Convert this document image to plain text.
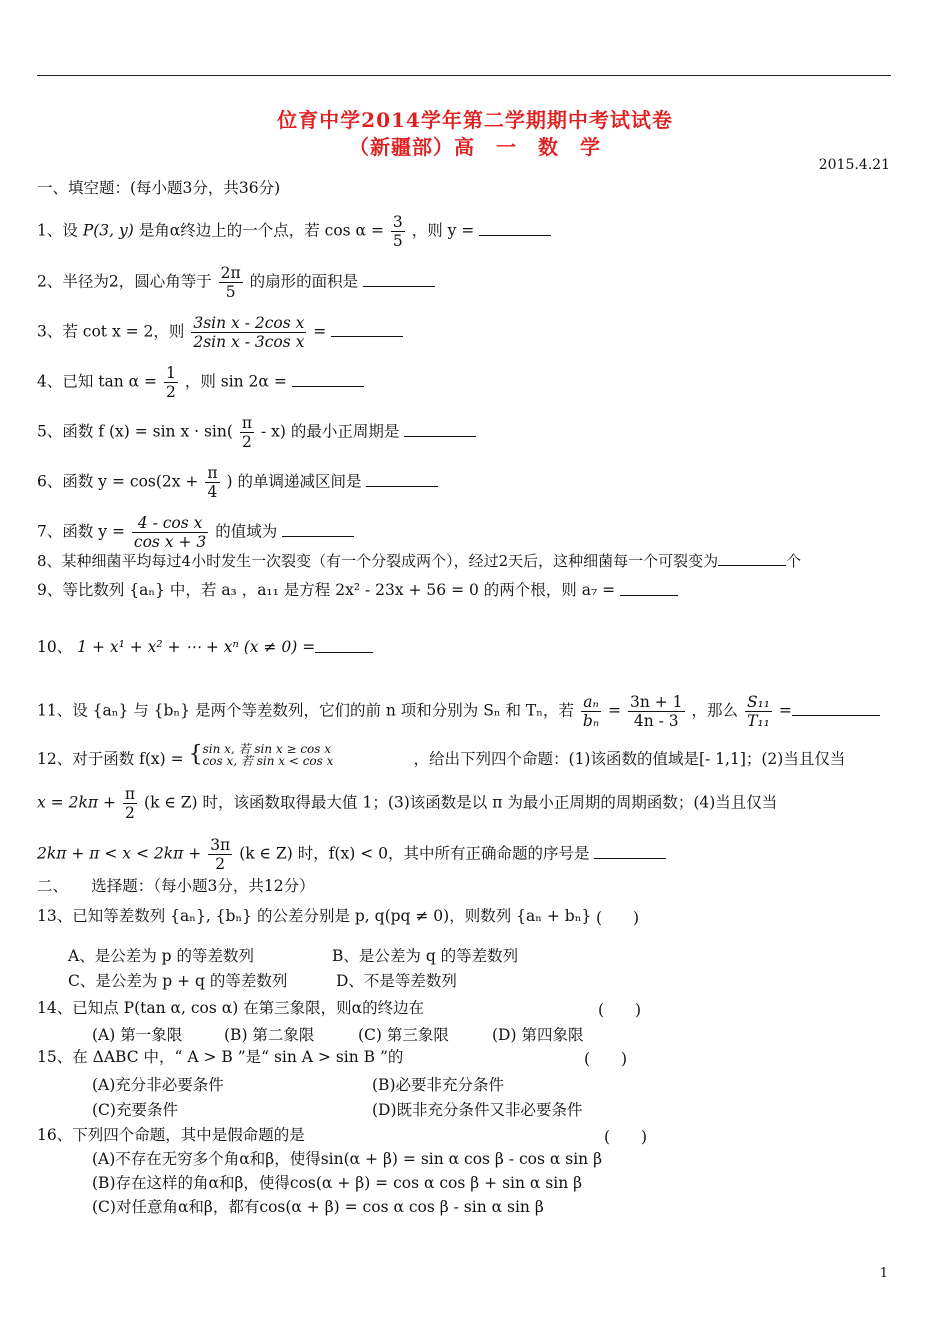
位育中学2014学年第二学期期中考试试卷
（新疆部）高　一　数　学
2015.4.21
一、填空题：(每小题3分，共36分)
1、设 P(3, y) 是角α终边上的一个点，若 $\cos \alpha = \frac{3}{5}$ ，则 y =
2、半径为2，圆心角等于 $\frac{2\pi}{5}$ 的扇形的面积是
3、若 cot x = 2，则 $\frac{\text{3sin x - 2cos x}}{\text{2sin x - 3cos x}}$ =
4、已知 $\tan \alpha = \frac{1}{2}$ ，则 sin 2α =
5、函数 f $(x) = \sin x \cdot \sin( \frac{\pi}{2} - x)$ 的最小正周期是
6、函数 $y = \cos(2x + \frac{\pi}{4}$ ) 的单调递减区间是
7、函数 $y = \frac{\text{4 - cos x}}{\text{cos x + 3}}$ 的值域为
8、某种细菌平均每过4小时发生一次裂变（有一个分裂成两个），经过2天后，这种细菌每一个可裂变为	个
9、等比数列 {aₙ} 中，若 a₃ ，a₁₁ 是方程 2x² - 23x + 56 = 0 的两个根，则 a₇ =
10、 1 + x¹ + x² + ⋯ + xⁿ (x ≠ 0) =
11、设 {aₙ} 与 {bₙ} 是两个等差数列，它们的前 n 项和分别为 Sₙ 和 Tₙ，若 $\frac{\text{aₙ}}{\text{bₙ}} = \frac{3n + 1}{4n - 3}$ ，那么 $\frac{\text{S₁₁}}{\text{T₁₁}}$ =
12、对于函数 f(x) = { sin x, 若 sin x ≥ cos x
cos x, 若 sin x < cos x	，给出下列四个命题：(1)该函数的值域是[- 1,1]；(2)当且仅当
$x = 2k\pi + \frac{\pi}{2} (k$ ∈ Z) 时，该函数取得最大值 1；(3)该函数是以 π 为最小正周期的周期函数；(4)当且仅当
$2k\pi + \pi < x < 2k\pi + \frac{3\pi}{2} (k$ ∈ Z) 时，f(x) < 0，其中所有正确命题的序号是
二、　　选择题：（每小题3分，共12分）
13、已知等差数列 {aₙ}, {bₙ} 的公差分别是 p, q(pq ≠ 0)，则数列 {aₙ + bₙ} (　　)
A、是公差为 p 的等差数列	B、是公差为 q 的等差数列
C、是公差为 p + q 的等差数列	D、不是等差数列
14、已知点 P(tan α, cos α) 在第三象限，则α的终边在	(　　)
(A) 第一象限	(B) 第二象限	(C) 第三象限	(D) 第四象限
15、在 ΔABC 中，“ A > B ”是“ sin A > sin B ”的	(　　)
(A)充分非必要条件	(B)必要非充分条件
(C)充要条件	(D)既非充分条件又非必要条件
16、下列四个命题，其中是假命题的是	(　　)
(A)不存在无穷多个角α和β，使得sin(α + β) = sin α cos β - cos α sin β
(B)存在这样的角α和β，使得cos(α + β) = cos α cos β + sin α sin β
(C)对任意角α和β，都有cos(α + β) = cos α cos β - sin α sin β
1
